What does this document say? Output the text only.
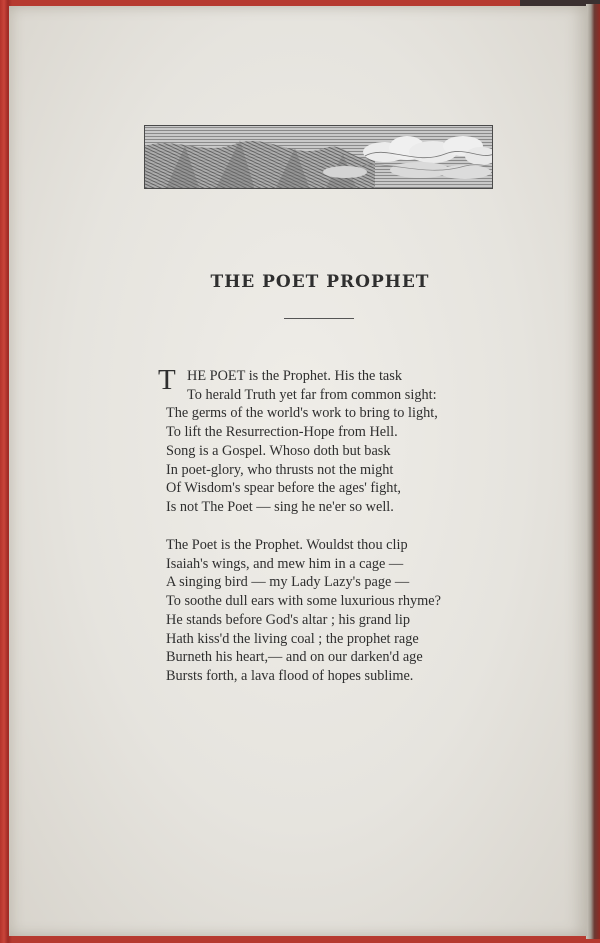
THE POET PROPHET
T HE POET is the Prophet. His the task
To herald Truth yet far from common sight:
The germs of the world's work to bring to light,
To lift the Resurrection-Hope from Hell.
Song is a Gospel. Whoso doth but bask
In poet-glory, who thrusts not the might
Of Wisdom's spear before the ages' fight,
Is not The Poet — sing he ne'er so well.
The Poet is the Prophet. Wouldst thou clip
Isaiah's wings, and mew him in a cage —
A singing bird — my Lady Lazy's page —
To soothe dull ears with some luxurious rhyme?
He stands before God's altar ; his grand lip
Hath kiss'd the living coal ; the prophet rage
Burneth his heart,— and on our darken'd age
Bursts forth, a lava flood of hopes sublime.
